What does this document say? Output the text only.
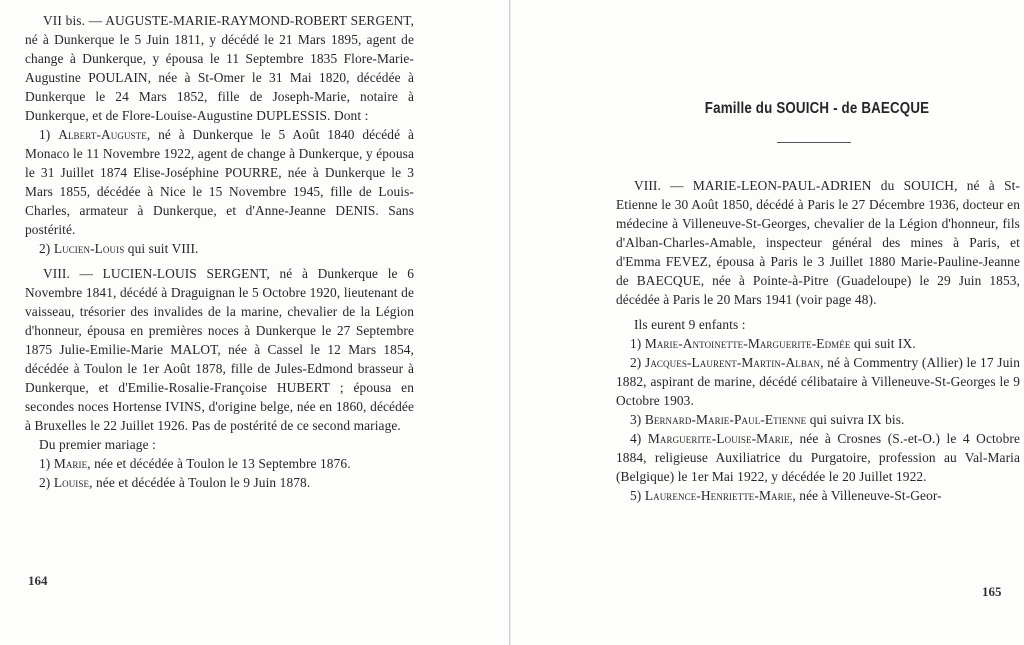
VII bis. — AUGUSTE-MARIE-RAYMOND-ROBERT SERGENT, né à Dunkerque le 5 Juin 1811, y décédé le 21 Mars 1895, agent de change à Dunkerque, y épousa le 11 Septembre 1835 Flore-Marie-Augustine POULAIN, née à St-Omer le 31 Mai 1820, décédée à Dunkerque le 24 Mars 1852, fille de Joseph-Marie, notaire à Dunkerque, et de Flore-Louise-Augustine DUPLESSIS. Dont :

1) Albert-Auguste, né à Dunkerque le 5 Août 1840 décédé à Monaco le 11 Novembre 1922, agent de change à Dunkerque, y épousa le 31 Juillet 1874 Elise-Joséphine POURRE, née à Dunkerque le 3 Mars 1855, décédée à Nice le 15 Novembre 1945, fille de Louis-Charles, armateur à Dunkerque, et d'Anne-Jeanne DENIS. Sans postérité.

2) Lucien-Louis qui suit VIII.

VIII. — LUCIEN-LOUIS SERGENT, né à Dunkerque le 6 Novembre 1841, décédé à Draguignan le 5 Octobre 1920, lieutenant de vaisseau, trésorier des invalides de la marine, chevalier de la Légion d'honneur, épousa en premières noces à Dunkerque le 27 Septembre 1875 Julie-Emilie-Marie MALOT, née à Cassel le 12 Mars 1854, décédée à Toulon le 1er Août 1878, fille de Jules-Edmond brasseur à Dunkerque, et d'Emilie-Rosalie-Françoise HUBERT ; épousa en secondes noces Hortense IVINS, d'origine belge, née en 1860, décédée à Bruxelles le 22 Juillet 1926. Pas de postérité de ce second mariage.

Du premier mariage :

1) Marie, née et décédée à Toulon le 13 Septembre 1876.

2) Louise, née et décédée à Toulon le 9 Juin 1878.

164
Famille du SOUICH - de BAECQUE

VIII. — MARIE-LEON-PAUL-ADRIEN du SOUICH, né à St-Etienne le 30 Août 1850, décédé à Paris le 27 Décembre 1936, docteur en médecine à Villeneuve-St-Georges, chevalier de la Légion d'honneur, fils d'Alban-Charles-Amable, inspecteur général des mines à Paris, et d'Emma FEVEZ, épousa à Paris le 3 Juillet 1880 Marie-Pauline-Jeanne de BAECQUE, née à Pointe-à-Pitre (Guadeloupe) le 29 Juin 1853, décédée à Paris le 20 Mars 1941 (voir page 48).

Ils eurent 9 enfants :

1) Marie-Antoinette-Marguerite-Edmée qui suit IX.

2) Jacques-Laurent-Martin-Alban, né à Commentry (Allier) le 17 Juin 1882, aspirant de marine, décédé célibataire à Villeneuve-St-Georges le 9 Octobre 1903.

3) Bernard-Marie-Paul-Etienne qui suivra IX bis.

4) Marguerite-Louise-Marie, née à Crosnes (S.-et-O.) le 4 Octobre 1884, religieuse Auxiliatrice du Purgatoire, profession au Val-Maria (Belgique) le 1er Mai 1922, y décédée le 20 Juillet 1922.

5) Laurence-Henriette-Marie, née à Villeneuve-St-Geor-

165
